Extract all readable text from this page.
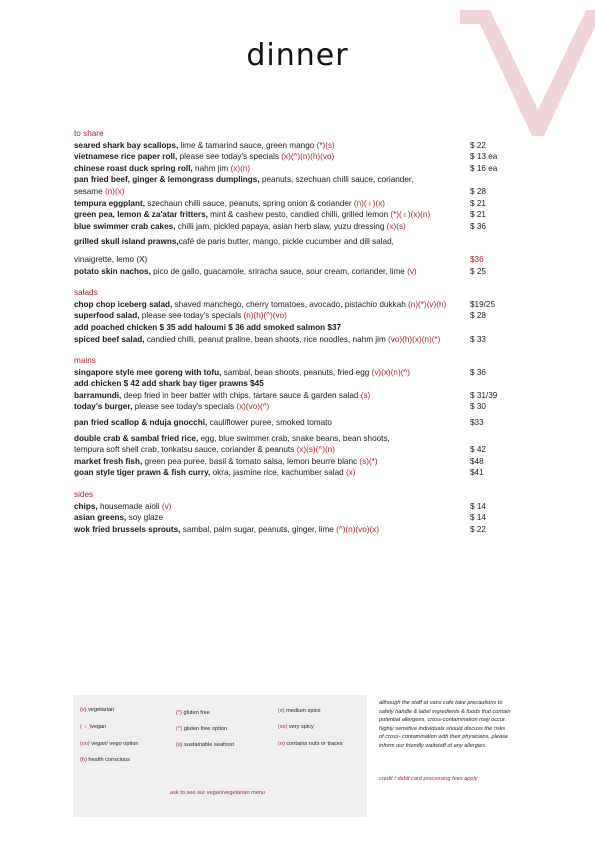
dinner
to share
seared shark bay scallops, lime & tamarind sauce, green mango (*)(s)	$ 22
vietnamese rice paper roll, please see today's specials (x)(^)(n)(h)(vo)	$ 13 ea
chinese roast duck spring roll, nahm jim (x)(n)	$ 16 ea
pan fried beef, ginger & lemongrass dumplings, peanuts, szechuan chilli sauce, coriander,
sesame (n)(x)	$ 28
tempura eggplant, szechaun chilli sauce, peanuts, spring onion & coriander (n)(♁)(x)	$ 21
green pea, lemon & za'atar fritters, mint & cashew pesto, candied chilli, grilled lemon (*)(♁)(x)(n)	$ 21
blue swimmer crab cakes, chilli jam, pickled papaya, asian herb slaw, yuzu dressing (x)(s)	$ 36
grilled skull island prawns,café de paris butter, mango, pickle cucumber and dill salad,
vinaigrette, lemo (X)	$36
potato skin nachos, pico de gallo, guacamole, sriracha sauce, sour cream, coriander, lime (v)	$ 25
salads
chop chop iceberg salad, shaved manchego, cherry tomatoes, avocado, pistachio dukkah (n)(*)(v)(h)	$19/25
superfood salad, please see today's specials (n)(h)(^)(vo)	$ 28
add poached chicken $ 35 add haloumi $ 36 add smoked salmon $37
spiced beef salad, candied chilli, peanut praline, bean shoots, rice noodles, nahm jim (vo)(h)(x)(n)(*)	$ 33
mains
singapore style mee goreng with tofu, sambal, bean shoots, peanuts, fried egg (v)(x)(n)(^)	$ 36
add chicken $ 42 add shark bay tiger prawns $45
barramundi, deep fried in beer batter with chips, tartare sauce & garden salad (s)	$ 31/39
today's burger, please see today's specials (x)(vo)(^)	$ 30
pan fried scallop & nduja gnocchi, cauliflower puree, smoked tomato	$33
double crab & sambal fried rice, egg, blue swimmer crab, snake beans, bean shoots,
tempura soft shell crab, tonkatsu sauce, coriander & peanuts (x)(s)(^)(n)	$ 42
market fresh fish, green pea puree, basil & tomato salsa, lemon beurre blanc (s)(*)	$48
goan style tiger prawn & fish curry, okra, jasmine rice, kachumber salad (x)	$41
sides
chips, housemade aioli (v)	$ 14
asian greens, soy glaze	$ 14
wok fried brussels sprouts, sambal, palm sugar, peanuts, ginger, lime (^)(n)(vo)(x)	$ 22
(v) vegetarian
( ♁ )vegan
(vo) vegan/ vego option
(h) health conscious
(*) gluten free
(^) gluten free option
(s) sustainable seafood
(x) medium spice
(xx) very spicy
(n) contains nuts or traces
ask to see our vegan/vegetarian menu
although the staff at vans cafe take precautions to
safely handle & label ingredients & foods that contain
potential allergens, cross-contamination may occur.
highly sensitive individuals should discuss the risks
of cross- contamination with their physicians, please
inform our friendly waitstaff of any allergies.
credit / debit card processing fees apply
